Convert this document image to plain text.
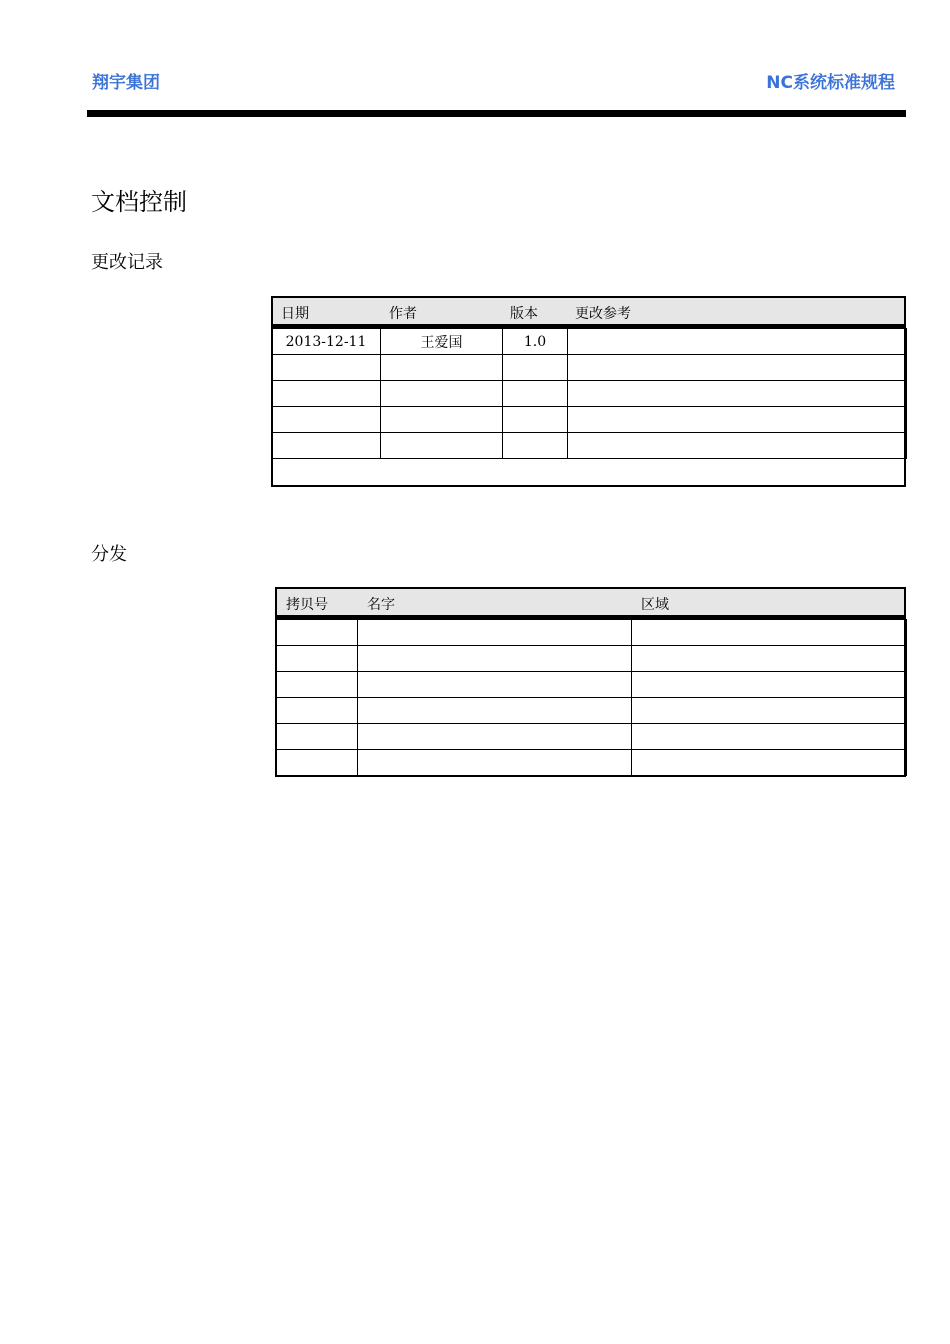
翔宇集团	NC系统标准规程
文档控制
更改记录
日期	作者	版本	更改参考
2013-12-11	王爱国	1.0	

分发
拷贝号	名字	区域
